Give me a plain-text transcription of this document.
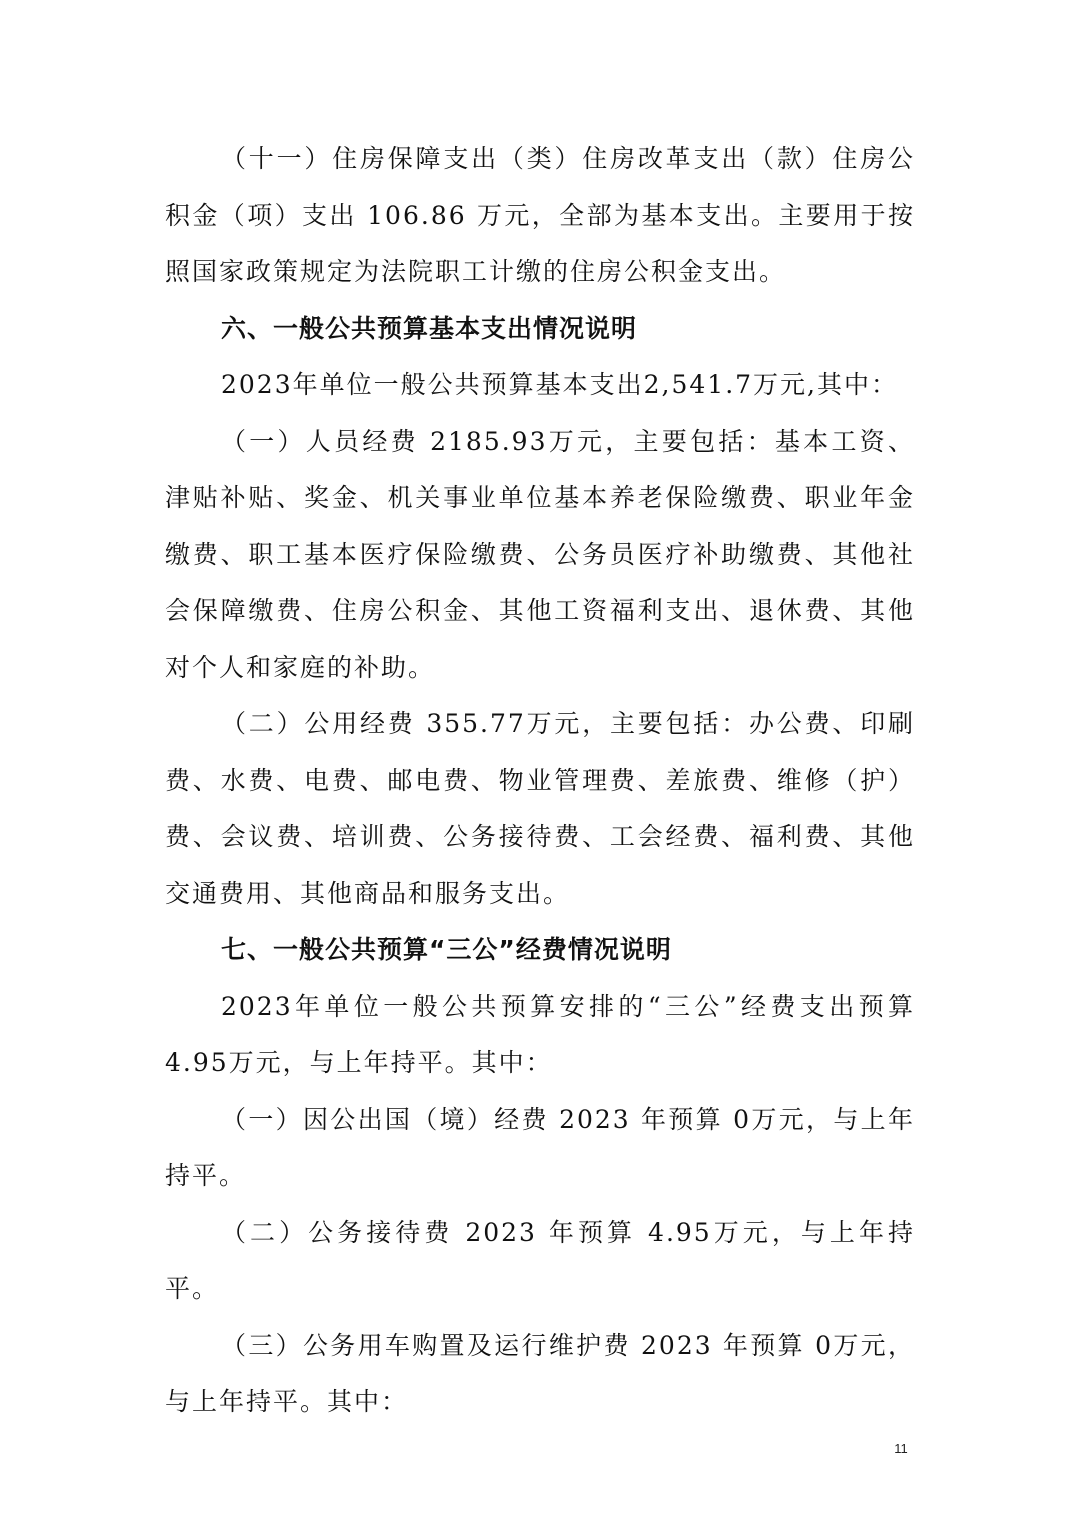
（十一）住房保障支出（类）住房改革支出（款）住房公积金（项）支出 106.86 万元，全部为基本支出。主要用于按照国家政策规定为法院职工计缴的住房公积金支出。

六、一般公共预算基本支出情况说明

2023年单位一般公共预算基本支出2,541.7万元,其中：

（一）人员经费 2185.93万元，主要包括：基本工资、津贴补贴、奖金、机关事业单位基本养老保险缴费、职业年金缴费、职工基本医疗保险缴费、公务员医疗补助缴费、其他社会保障缴费、住房公积金、其他工资福利支出、退休费、其他对个人和家庭的补助。

（二）公用经费 355.77万元，主要包括：办公费、印刷费、水费、电费、邮电费、物业管理费、差旅费、维修（护）费、会议费、培训费、公务接待费、工会经费、福利费、其他交通费用、其他商品和服务支出。

七、一般公共预算“三公”经费情况说明

2023年单位一般公共预算安排的“三公”经费支出预算4.95万元，与上年持平。其中：

（一）因公出国（境）经费 2023 年预算 0万元，与上年持平。

（二）公务接待费 2023 年预算 4.95万元，与上年持平。

（三）公务用车购置及运行维护费 2023 年预算 0万元，与上年持平。其中：

11
